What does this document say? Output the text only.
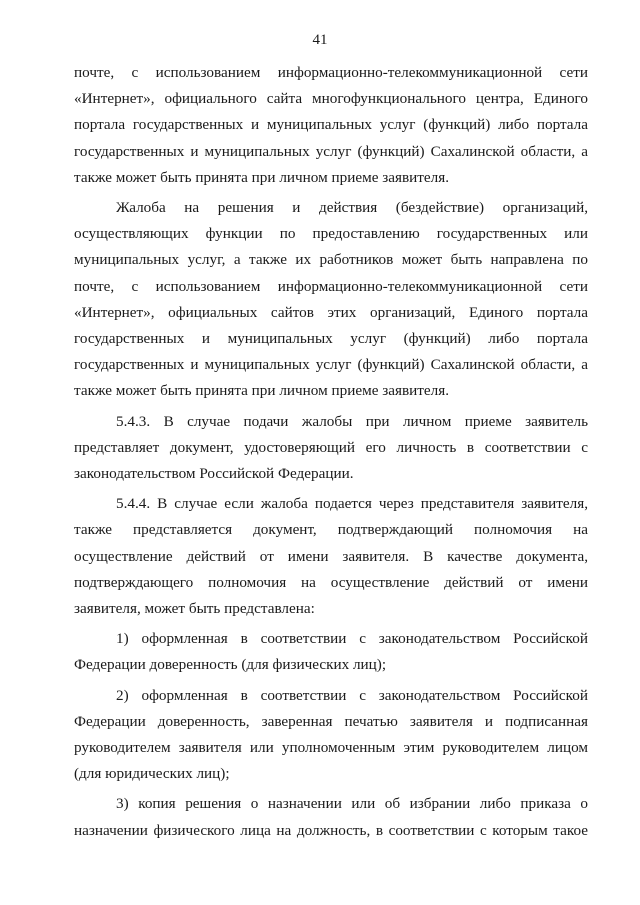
41

почте, с использованием информационно-телекоммуникационной сети «Интернет», официального сайта многофункционального центра, Единого портала государственных и муниципальных услуг (функций) либо портала государственных и муниципальных услуг (функций) Сахалинской области, а также может быть принята при личном приеме заявителя.

Жалоба на решения и действия (бездействие) организаций, осуществляющих функции по предоставлению государственных или муниципальных услуг, а также их работников может быть направлена по почте, с использованием информационно-телекоммуникационной сети «Интернет», официальных сайтов этих организаций, Единого портала государственных и муниципальных услуг (функций) либо портала государственных и муниципальных услуг (функций) Сахалинской области, а также может быть принята при личном приеме заявителя.

5.4.3. В случае подачи жалобы при личном приеме заявитель представляет документ, удостоверяющий его личность в соответствии с законодательством Российской Федерации.

5.4.4. В случае если жалоба подается через представителя заявителя, также представляется документ, подтверждающий полномочия на осуществление действий от имени заявителя. В качестве документа, подтверждающего полномочия на осуществление действий от имени заявителя, может быть представлена:

1) оформленная в соответствии с законодательством Российской Федерации доверенность (для физических лиц);

2) оформленная в соответствии с законодательством Российской Федерации доверенность, заверенная печатью заявителя и подписанная руководителем заявителя или уполномоченным этим руководителем лицом (для юридических лиц);

3) копия решения о назначении или об избрании либо приказа о назначении физического лица на должность, в соответствии с которым такое
